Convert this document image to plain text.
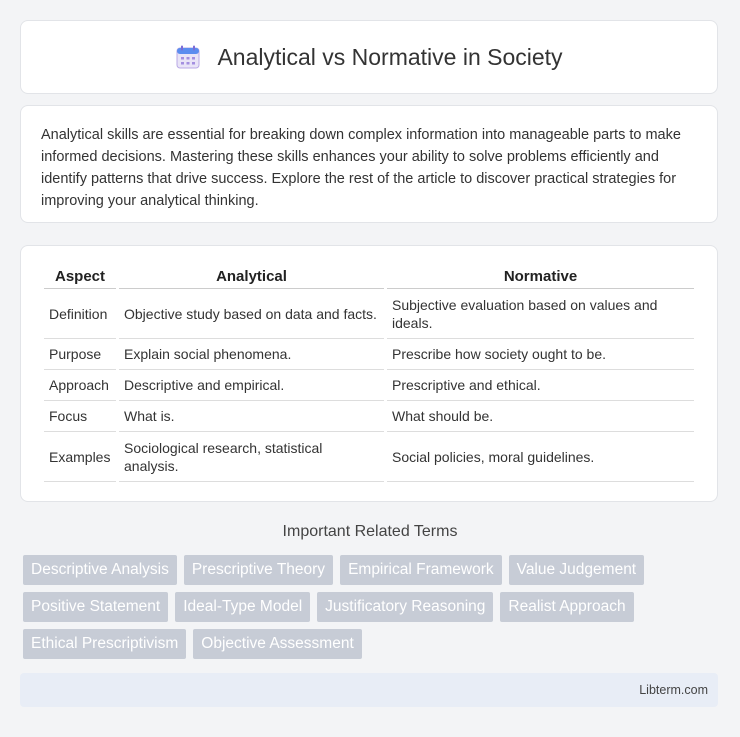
Analytical vs Normative in Society

Analytical skills are essential for breaking down complex information into manageable parts to make informed decisions. Mastering these skills enhances your ability to solve problems efficiently and identify patterns that drive success. Explore the rest of the article to discover practical strategies for improving your analytical thinking.

Aspect	Analytical	Normative
Definition	Objective study based on data and facts.	Subjective evaluation based on values and ideals.
Purpose	Explain social phenomena.	Prescribe how society ought to be.
Approach	Descriptive and empirical.	Prescriptive and ethical.
Focus	What is.	What should be.
Examples	Sociological research, statistical analysis.	Social policies, moral guidelines.
Important Related Terms
Descriptive Analysis	Prescriptive Theory	Empirical Framework	Value Judgement
Positive Statement	Ideal-Type Model	Justificatory Reasoning	Realist Approach
Ethical Prescriptivism	Objective Assessment
Libterm.com
